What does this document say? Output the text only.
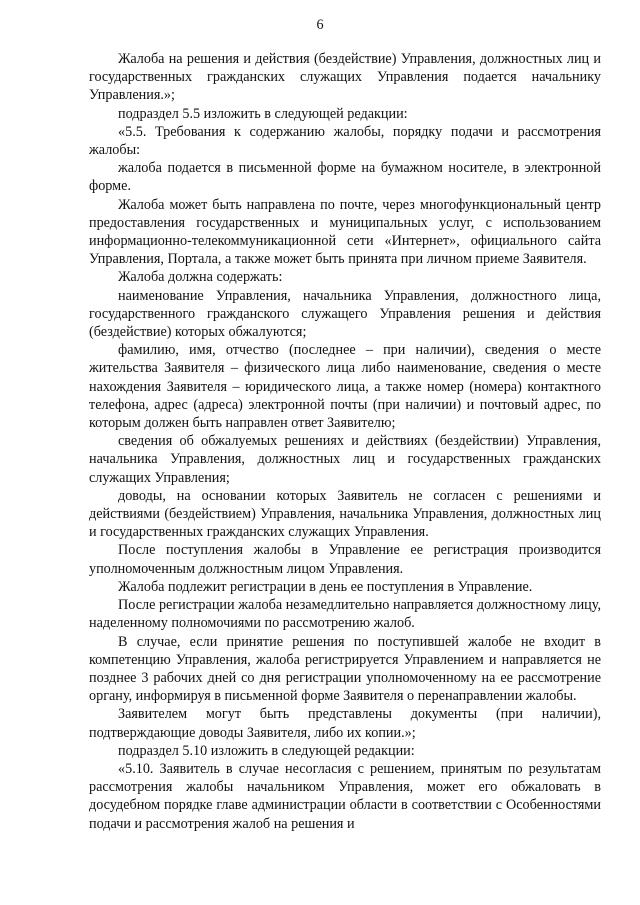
6

Жалоба на решения и действия (бездействие) Управления, должностных лиц и государственных гражданских служащих Управления подается начальнику Управления.»;

подраздел 5.5 изложить в следующей редакции:

«5.5. Требования к содержанию жалобы, порядку подачи и рассмотрения жалобы:

жалоба подается в письменной форме на бумажном носителе, в электронной форме.

Жалоба может быть направлена по почте, через многофункциональный центр предоставления государственных и муниципальных услуг, с использованием информационно-телекоммуникационной сети «Интернет», официального сайта Управления, Портала, а также может быть принята при личном приеме Заявителя.

Жалоба должна содержать:

наименование Управления, начальника Управления, должностного лица, государственного гражданского служащего Управления решения и действия (бездействие) которых обжалуются;

фамилию, имя, отчество (последнее – при наличии), сведения о месте жительства Заявителя – физического лица либо наименование, сведения о месте нахождения Заявителя – юридического лица, а также номер (номера) контактного телефона, адрес (адреса) электронной почты (при наличии) и почтовый адрес, по которым должен быть направлен ответ Заявителю;

сведения об обжалуемых решениях и действиях (бездействии) Управления, начальника Управления, должностных лиц и государственных гражданских служащих Управления;

доводы, на основании которых Заявитель не согласен с решениями и действиями (бездействием) Управления, начальника Управления, должностных лиц и государственных гражданских служащих Управления.

После поступления жалобы в Управление ее регистрация производится уполномоченным должностным лицом Управления.

Жалоба подлежит регистрации в день ее поступления в Управление.

После регистрации жалоба незамедлительно направляется должностному лицу, наделенному полномочиями по рассмотрению жалоб.

В случае, если принятие решения по поступившей жалобе не входит в компетенцию Управления, жалоба регистрируется Управлением и направляется не позднее 3 рабочих дней со дня регистрации уполномоченному на ее рассмотрение органу, информируя в письменной форме Заявителя о перенаправлении жалобы.

Заявителем могут быть представлены документы (при наличии), подтверждающие доводы Заявителя, либо их копии.»;

подраздел 5.10 изложить в следующей редакции:

«5.10. Заявитель в случае несогласия с решением, принятым по результатам рассмотрения жалобы начальником Управления, может его обжаловать в досудебном порядке главе администрации области в соответствии с Особенностями подачи и рассмотрения жалоб на решения и
